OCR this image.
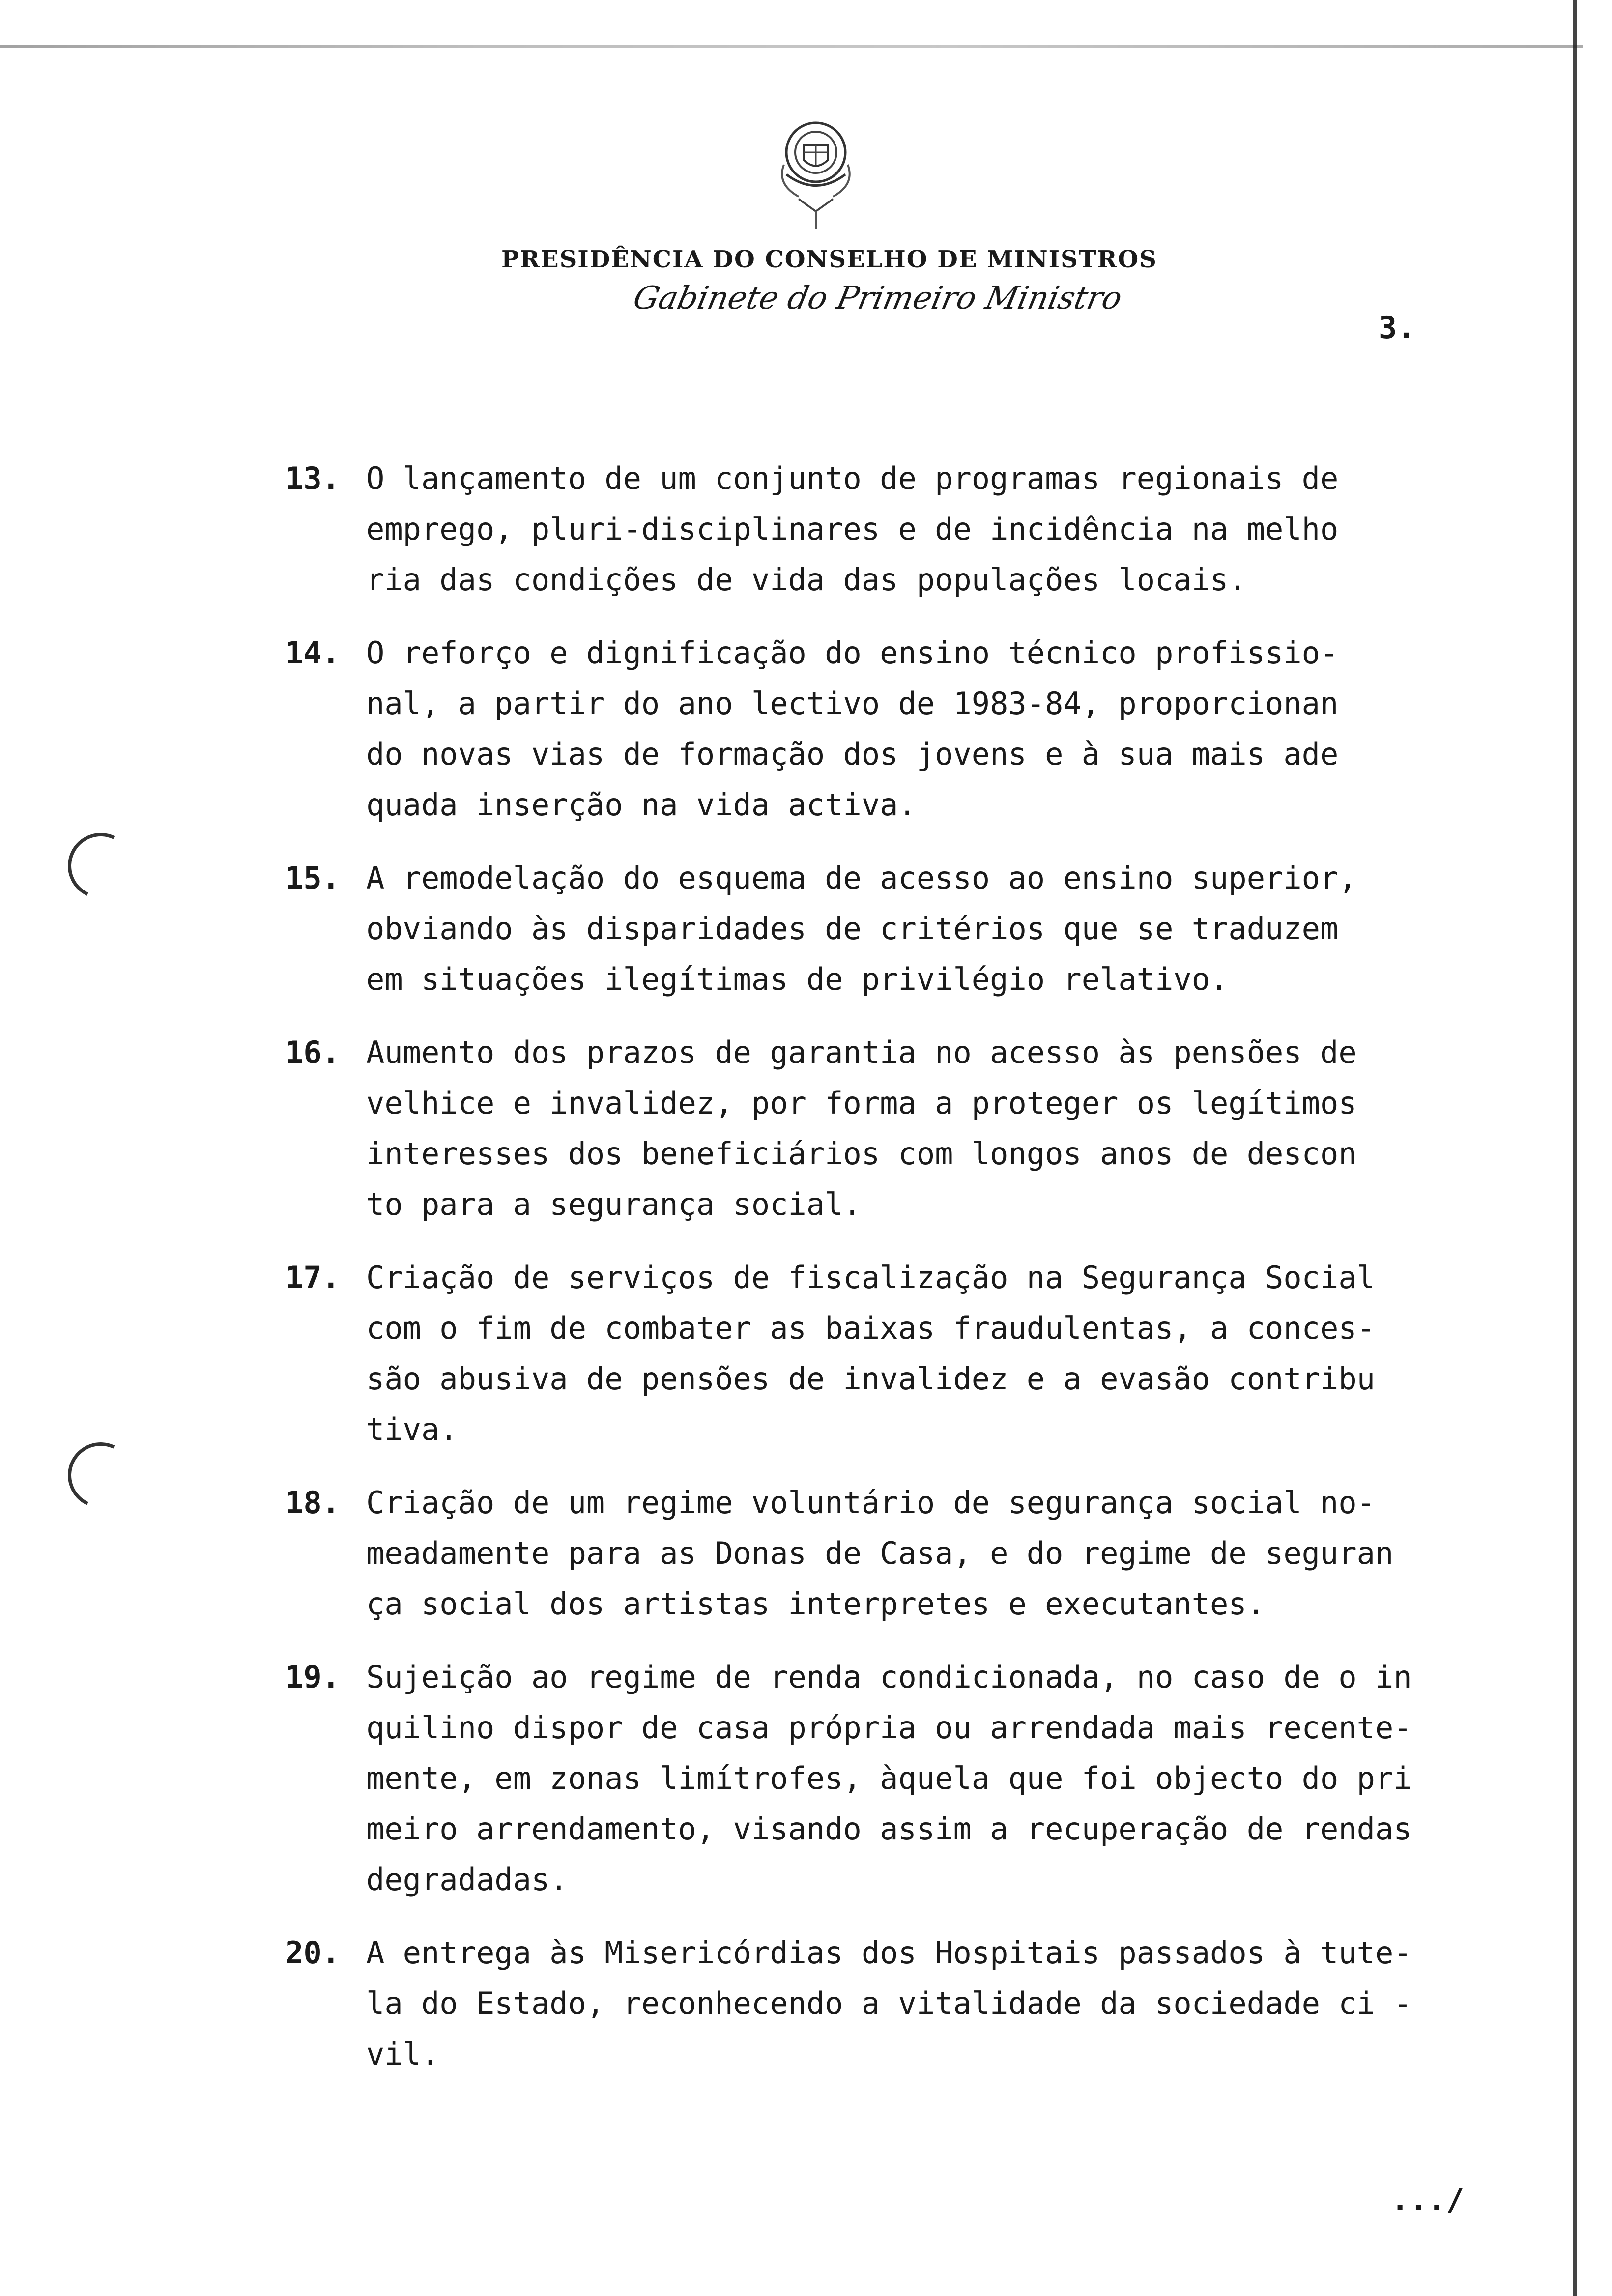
PRESIDÊNCIA DO CONSELHO DE MINISTROS
Gabinete do Primeiro Ministro
3.
13. O lançamento de um conjunto de programas regionais de
emprego, pluri-disciplinares e de incidência na melho
ria das condições de vida das populações locais.
14. O reforço e dignificação do ensino técnico profissio-
nal, a partir do ano lectivo de 1983-84, proporcionan
do novas vias de formação dos jovens e à sua mais ade
quada inserção na vida activa.
15. A remodelação do esquema de acesso ao ensino superior,
obviando às disparidades de critérios que se traduzem
em situações ilegítimas de privilégio relativo.
16. Aumento dos prazos de garantia no acesso às pensões de
velhice e invalidez, por forma a proteger os legítimos
interesses dos beneficiários com longos anos de descon
to para a segurança social.
17. Criação de serviços de fiscalização na Segurança Social
com o fim de combater as baixas fraudulentas, a conces-
são abusiva de pensões de invalidez e a evasão contribu
tiva.
18. Criação de um regime voluntário de segurança social no-
meadamente para as Donas de Casa, e do regime de seguran
ça social dos artistas interpretes e executantes.
19. Sujeição ao regime de renda condicionada, no caso de o in
quilino dispor de casa própria ou arrendada mais recente-
mente, em zonas limítrofes, àquela que foi objecto do pri
meiro arrendamento, visando assim a recuperação de rendas
degradadas.
20. A entrega às Misericórdias dos Hospitais passados à tute-
la do Estado, reconhecendo a vitalidade da sociedade ci -
vil.
.../
